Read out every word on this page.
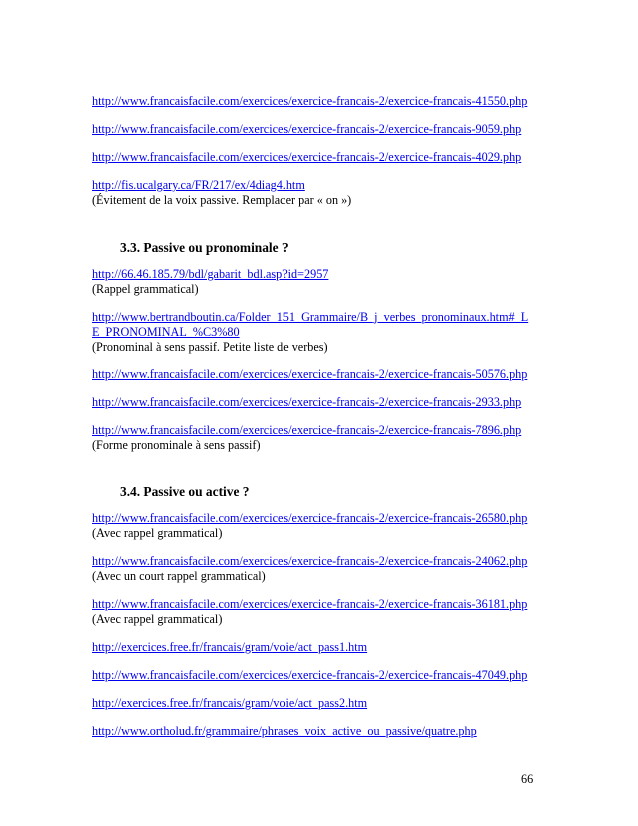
http://www.francaisfacile.com/exercices/exercice-francais-2/exercice-francais-41550.php
http://www.francaisfacile.com/exercices/exercice-francais-2/exercice-francais-9059.php
http://www.francaisfacile.com/exercices/exercice-francais-2/exercice-francais-4029.php
http://fis.ucalgary.ca/FR/217/ex/4diag4.htm
(Évitement de la voix passive. Remplacer par « on »)
3.3. Passive ou pronominale ?
http://66.46.185.79/bdl/gabarit_bdl.asp?id=2957
(Rappel grammatical)
http://www.bertrandboutin.ca/Folder_151_Grammaire/B_j_verbes_pronominaux.htm#_L
E_PRONOMINAL_%C3%80
(Pronominal à sens passif. Petite liste de verbes)
http://www.francaisfacile.com/exercices/exercice-francais-2/exercice-francais-50576.php
http://www.francaisfacile.com/exercices/exercice-francais-2/exercice-francais-2933.php
http://www.francaisfacile.com/exercices/exercice-francais-2/exercice-francais-7896.php
(Forme pronominale à sens passif)
3.4. Passive ou active ?
http://www.francaisfacile.com/exercices/exercice-francais-2/exercice-francais-26580.php
(Avec rappel grammatical)
http://www.francaisfacile.com/exercices/exercice-francais-2/exercice-francais-24062.php
(Avec un court rappel grammatical)
http://www.francaisfacile.com/exercices/exercice-francais-2/exercice-francais-36181.php
(Avec rappel grammatical)
http://exercices.free.fr/francais/gram/voie/act_pass1.htm
http://www.francaisfacile.com/exercices/exercice-francais-2/exercice-francais-47049.php
http://exercices.free.fr/francais/gram/voie/act_pass2.htm
http://www.ortholud.fr/grammaire/phrases_voix_active_ou_passive/quatre.php
66
